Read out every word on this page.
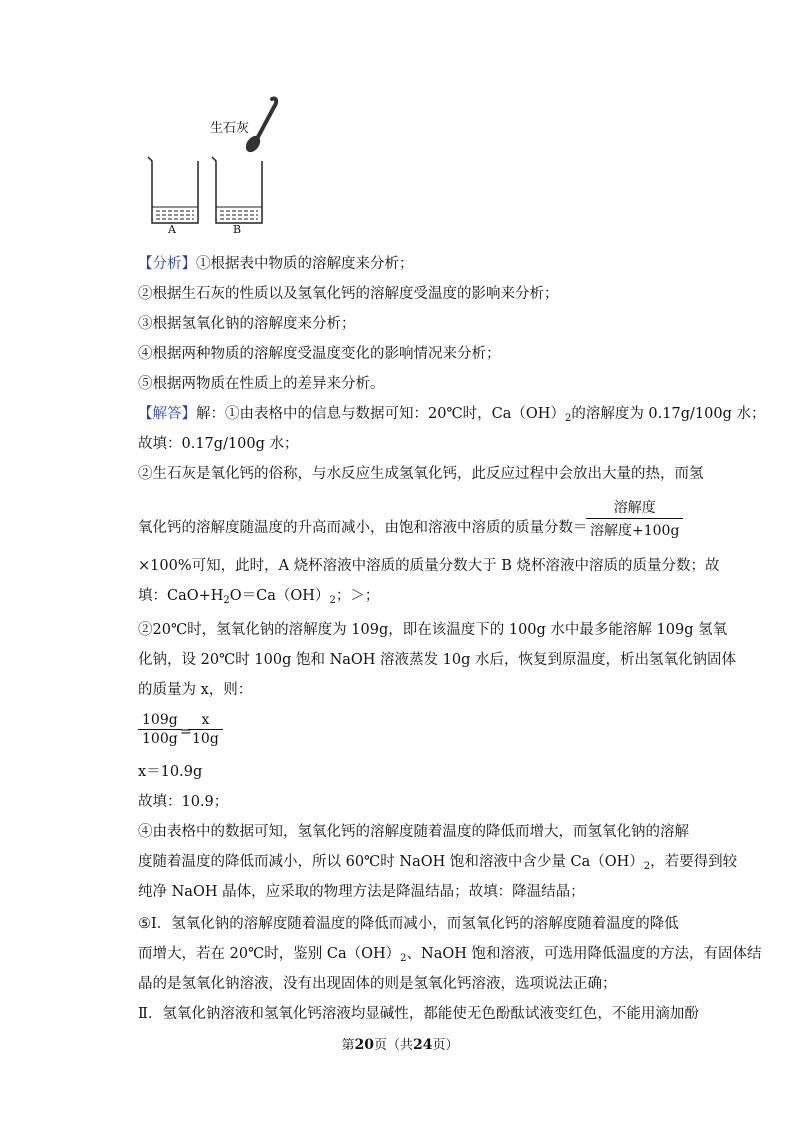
生石灰
A	B
【分析】①根据表中物质的溶解度来分析；
②根据生石灰的性质以及氢氧化钙的溶解度受温度的影响来分析；
③根据氢氧化钠的溶解度来分析；
④根据两种物质的溶解度受温度变化的影响情况来分析；
⑤根据两物质在性质上的差异来分析。
【解答】解：①由表格中的信息与数据可知：20℃时，$Ca(OH)_2$的溶解度为 0.17g/100g 水；
故填：0.17g/100g 水；
②生石灰是氧化钙的俗称，与水反应生成氢氧化钙，此反应过程中会放出大量的热，而氢
氧化钙的溶解度随温度的升高而减小，由饱和溶液中溶质的质量分数＝
溶解度
溶解度+100g
×100%可知，此时，A 烧杯溶液中溶质的质量分数大于 B 烧杯溶液中溶质的质量分数；故
填：$CaO+H_2O=Ca(OH)_2$；＞；
②20℃时，氢氧化钠的溶解度为 109g，即在该温度下的 100g 水中最多能溶解 109g 氢氧
化钠，设 20℃时 100g 饱和 NaOH 溶液蒸发 10g 水后，恢复到原温度，析出氢氧化钠固体
的质量为 x，则：
109g
100g =
x
10g
x＝10.9g
故填：10.9；
④由表格中的数据可知，氢氧化钙的溶解度随着温度的降低而增大，而氢氧化钠的溶解
度随着温度的降低而减小，所以 60℃时 NaOH 饱和溶液中含少量 $Ca(OH)_2$，若要得到较
纯净 NaOH 晶体，应采取的物理方法是降温结晶；故填：降温结晶；
⑤Ⅰ．氢氧化钠的溶解度随着温度的降低而减小，而氢氧化钙的溶解度随着温度的降低
而增大，若在 20℃时，鉴别 $Ca(OH)_2$、NaOH 饱和溶液，可选用降低温度的方法，有固体结
晶的是氢氧化钠溶液，没有出现固体的则是氢氧化钙溶液，选项说法正确；
Ⅱ．氢氧化钠溶液和氢氧化钙溶液均显碱性，都能使无色酚酞试液变红色，不能用滴加酚
第20页（共24页）
